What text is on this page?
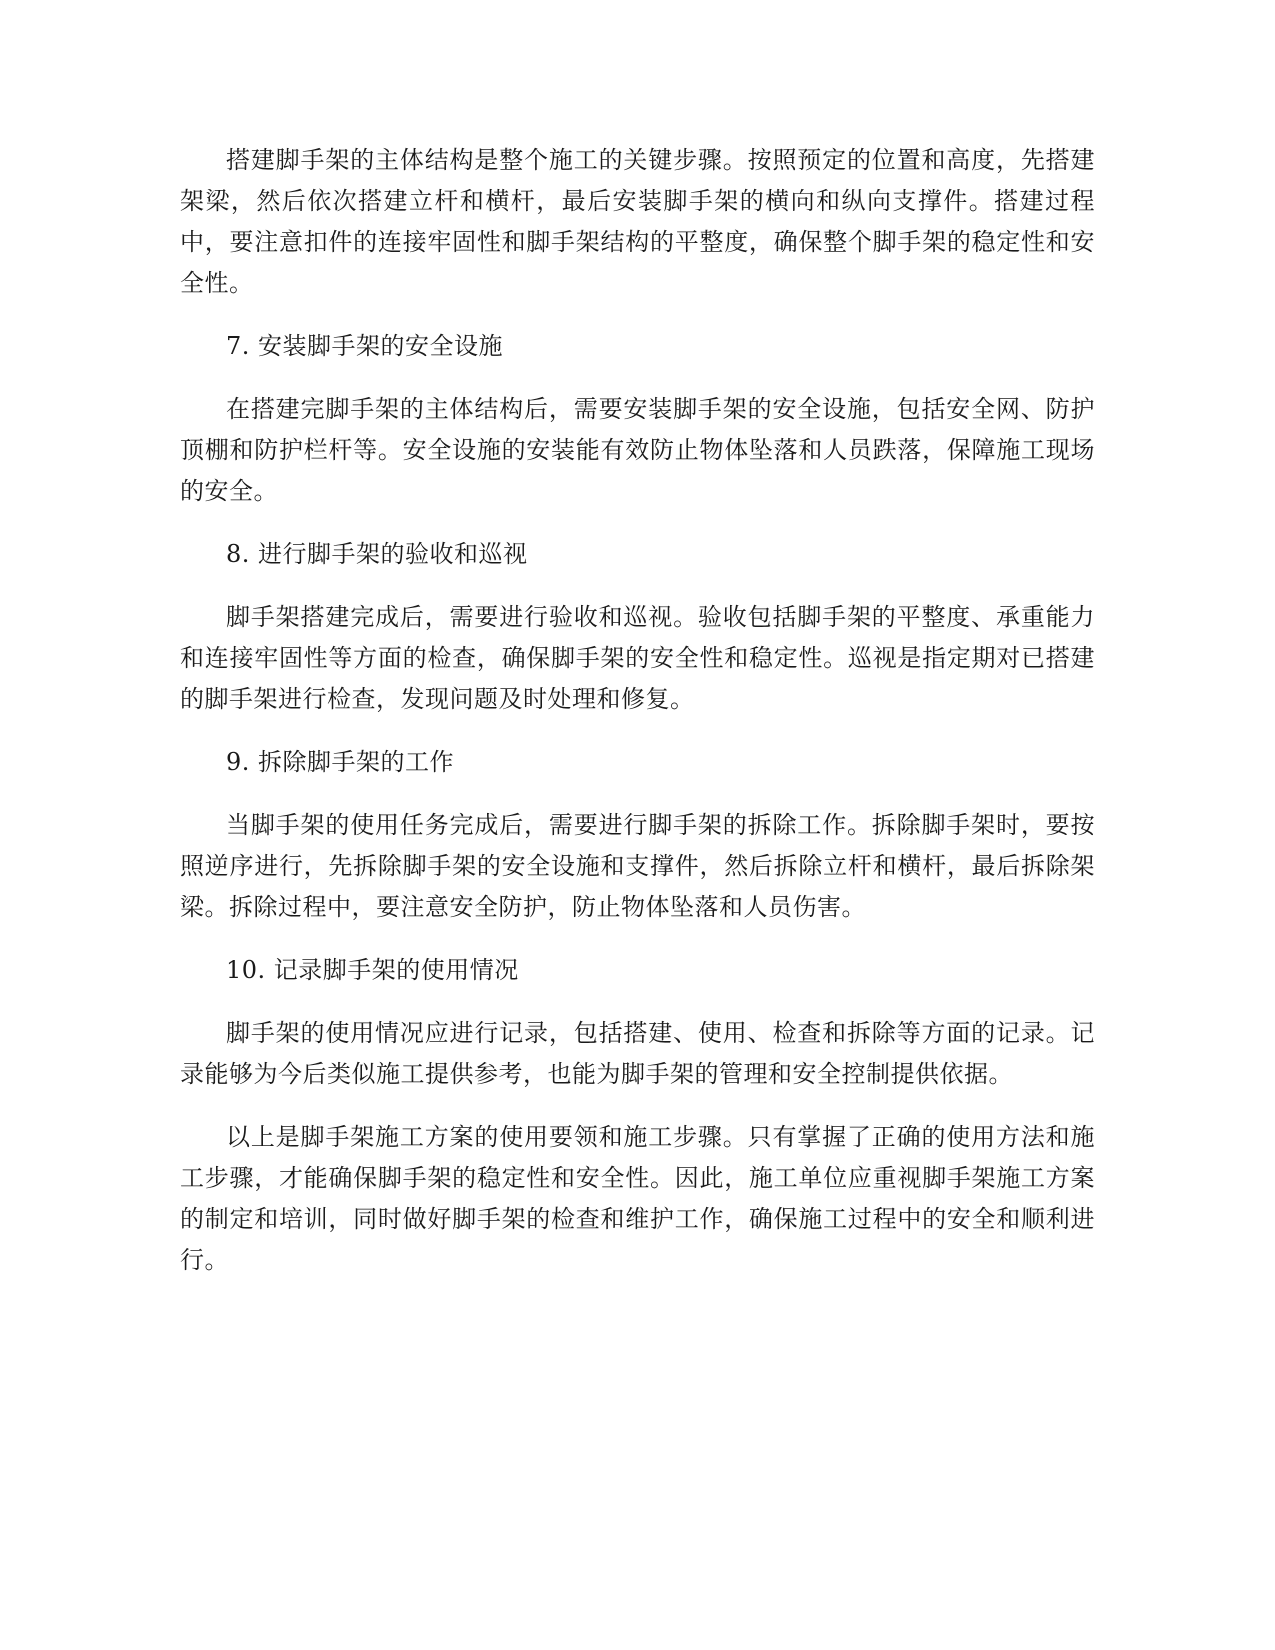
搭建脚手架的主体结构是整个施工的关键步骤。按照预定的位置和高度，先搭建架梁，然后依次搭建立杆和横杆，最后安装脚手架的横向和纵向支撑件。搭建过程中，要注意扣件的连接牢固性和脚手架结构的平整度，确保整个脚手架的稳定性和安全性。

7. 安装脚手架的安全设施

在搭建完脚手架的主体结构后，需要安装脚手架的安全设施，包括安全网、防护顶棚和防护栏杆等。安全设施的安装能有效防止物体坠落和人员跌落，保障施工现场的安全。

8. 进行脚手架的验收和巡视

脚手架搭建完成后，需要进行验收和巡视。验收包括脚手架的平整度、承重能力和连接牢固性等方面的检查，确保脚手架的安全性和稳定性。巡视是指定期对已搭建的脚手架进行检查，发现问题及时处理和修复。

9. 拆除脚手架的工作

当脚手架的使用任务完成后，需要进行脚手架的拆除工作。拆除脚手架时，要按照逆序进行，先拆除脚手架的安全设施和支撑件，然后拆除立杆和横杆，最后拆除架梁。拆除过程中，要注意安全防护，防止物体坠落和人员伤害。

10. 记录脚手架的使用情况

脚手架的使用情况应进行记录，包括搭建、使用、检查和拆除等方面的记录。记录能够为今后类似施工提供参考，也能为脚手架的管理和安全控制提供依据。

以上是脚手架施工方案的使用要领和施工步骤。只有掌握了正确的使用方法和施工步骤，才能确保脚手架的稳定性和安全性。因此，施工单位应重视脚手架施工方案的制定和培训，同时做好脚手架的检查和维护工作，确保施工过程中的安全和顺利进行。
